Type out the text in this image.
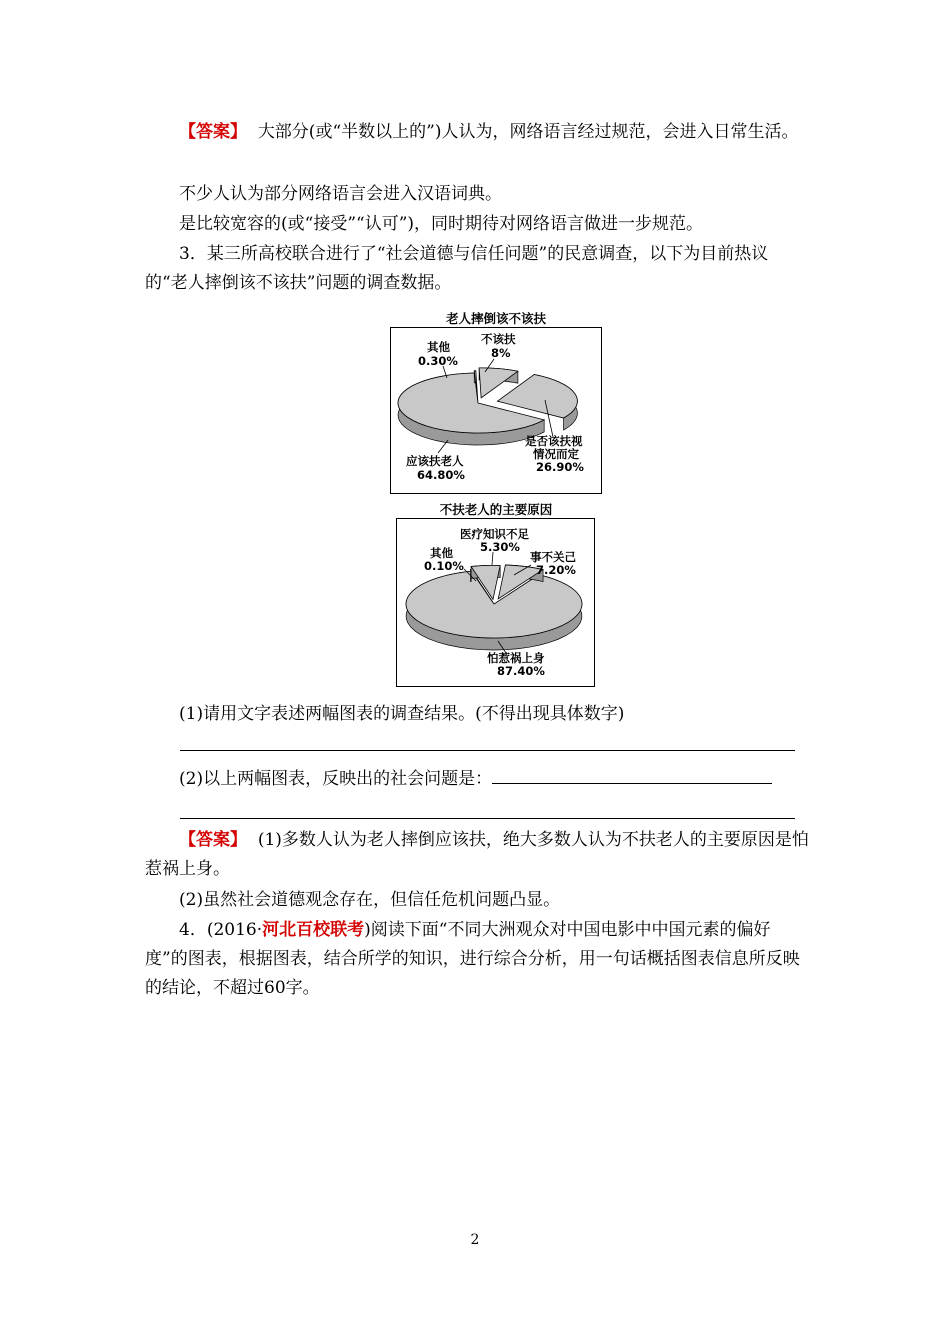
【答案】 大部分(或“半数以上的”)人认为，网络语言经过规范，会进入日常生活。

不少人认为部分网络语言会进入汉语词典。

是比较宽容的(或“接受”“认可”)，同时期待对网络语言做进一步规范。

3．某三所高校联合进行了“社会道德与信任问题”的民意调查，以下为目前热议的“老人摔倒该不该扶”问题的调查数据。

老人摔倒该不该扶
其他
0.30%
不该扶
8%
是否该扶视
情况而定
26.90%
应该扶老人
64.80%
不扶老人的主要原因
医疗知识不足
5.30%
其他
0.10%
事不关己
7.20%
怕惹祸上身
87.40%

(1)请用文字表述两幅图表的调查结果。(不得出现具体数字)

(2)以上两幅图表，反映出的社会问题是：

【答案】 (1)多数人认为老人摔倒应该扶，绝大多数人认为不扶老人的主要原因是怕惹祸上身。

(2)虽然社会道德观念存在，但信任危机问题凸显。

4．(2016·河北百校联考)阅读下面“不同大洲观众对中国电影中中国元素的偏好度”的图表，根据图表，结合所学的知识，进行综合分析，用一句话概括图表信息所反映的结论，不超过60字。

2
